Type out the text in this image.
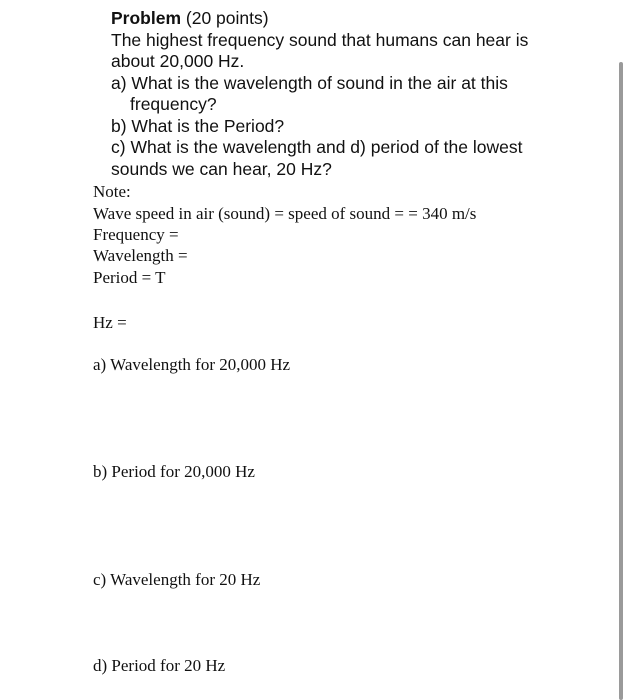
Problem (20 points)

The highest frequency sound that humans can hear is

about 20,000 Hz.

a) What is the wavelength of sound in the air at this

frequency?

b) What is the Period?

c) What is the wavelength and d) period of the lowest

sounds we can hear, 20 Hz?

Note:

Wave speed in air (sound) = speed of sound = = 340 m/s

Frequency =

Wavelength =

Period = T

Hz =

a) Wavelength for 20,000 Hz

b) Period for 20,000 Hz

c) Wavelength for 20 Hz

d) Period for 20 Hz
